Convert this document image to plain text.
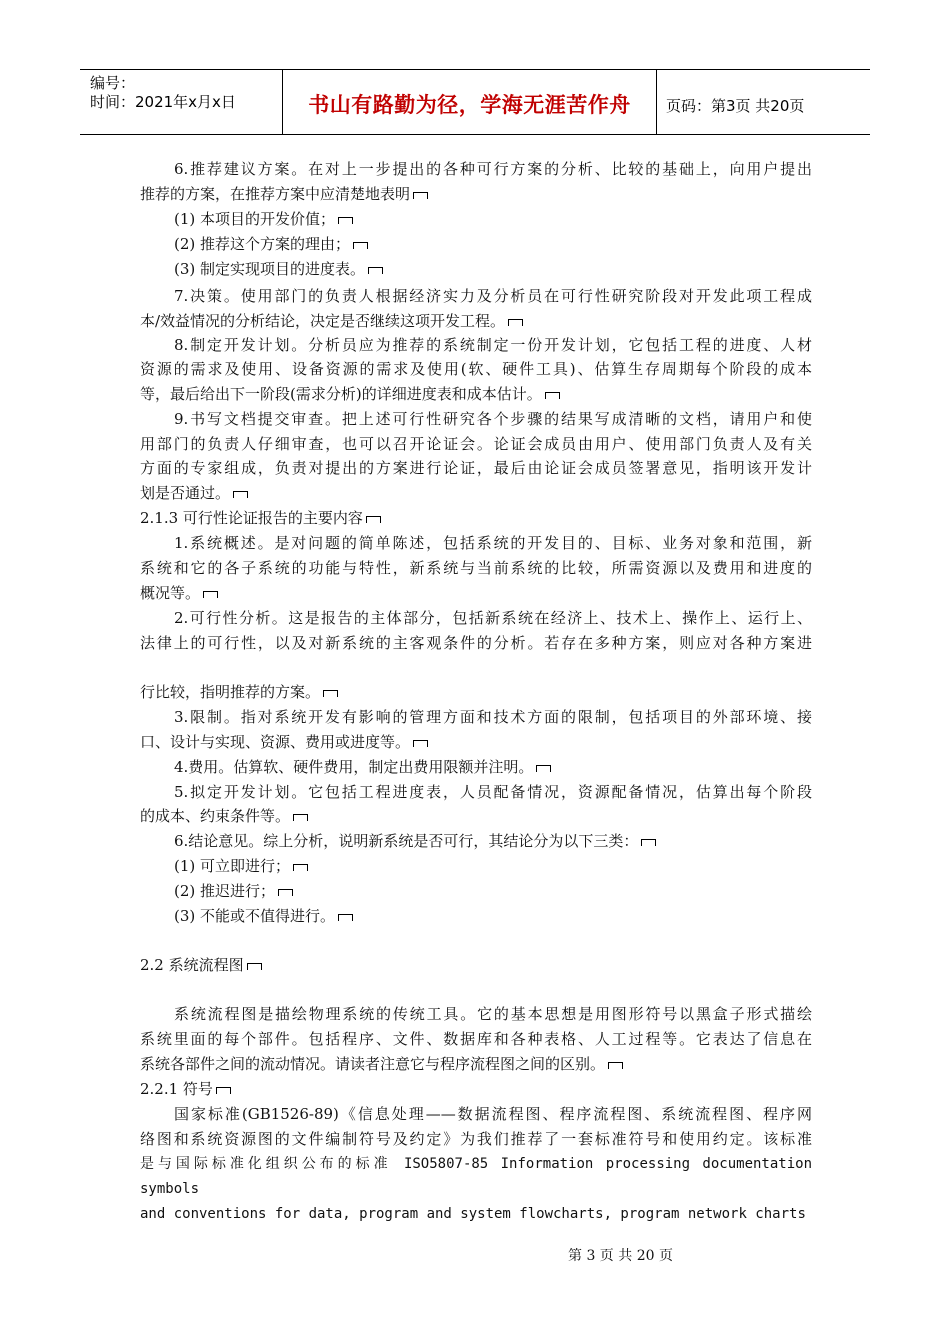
编号：
时间：2021年x月x日	书山有路勤为径，学海无涯苦作舟	页码：第3页 共20页
6.推荐建议方案。在对上一步提出的各种可行方案的分析、比较的基础上，向用户提出
推荐的方案，在推荐方案中应清楚地表明
(1) 本项目的开发价值；
(2) 推荐这个方案的理由；
(3) 制定实现项目的进度表。
7.决策。使用部门的负责人根据经济实力及分析员在可行性研究阶段对开发此项工程成
本/效益情况的分析结论，决定是否继续这项开发工程。
8.制定开发计划。分析员应为推荐的系统制定一份开发计划，它包括工程的进度、人材
资源的需求及使用、设备资源的需求及使用(软、硬件工具)、估算生存周期每个阶段的成本
等，最后给出下一阶段(需求分析)的详细进度表和成本估计。
9.书写文档提交审查。把上述可行性研究各个步骤的结果写成清晰的文档，请用户和使
用部门的负责人仔细审查，也可以召开论证会。论证会成员由用户、使用部门负责人及有关
方面的专家组成，负责对提出的方案进行论证，最后由论证会成员签署意见，指明该开发计
划是否通过。
2.1.3 可行性论证报告的主要内容
1.系统概述。是对问题的简单陈述，包括系统的开发目的、目标、业务对象和范围，新
系统和它的各子系统的功能与特性，新系统与当前系统的比较，所需资源以及费用和进度的
概况等。
2.可行性分析。这是报告的主体部分，包括新系统在经济上、技术上、操作上、运行上、
法律上的可行性，以及对新系统的主客观条件的分析。若存在多种方案，则应对各种方案进
行比较，指明推荐的方案。
3.限制。指对系统开发有影响的管理方面和技术方面的限制，包括项目的外部环境、接
口、设计与实现、资源、费用或进度等。
4.费用。估算软、硬件费用，制定出费用限额并注明。
5.拟定开发计划。它包括工程进度表，人员配备情况，资源配备情况，估算出每个阶段
的成本、约束条件等。
6.结论意见。综上分析，说明新系统是否可行，其结论分为以下三类：
(1) 可立即进行；
(2) 推迟进行；
(3) 不能或不值得进行。
2.2 系统流程图
系统流程图是描绘物理系统的传统工具。它的基本思想是用图形符号以黑盒子形式描绘
系统里面的每个部件。包括程序、文件、数据库和各种表格、人工过程等。它表达了信息在
系统各部件之间的流动情况。请读者注意它与程序流程图之间的区别。
2.2.1 符号
国家标准(GB1526-89)《信息处理——数据流程图、程序流程图、系统流程图、程序网
络图和系统资源图的文件编制符号及约定》为我们推荐了一套标准符号和使用约定。该标准
是与国际标准化组织公布的标准 ISO5807-85 Information processing documentation
symbols
and conventions for data, program and system flowcharts, program network charts
第 3 页 共 20 页
